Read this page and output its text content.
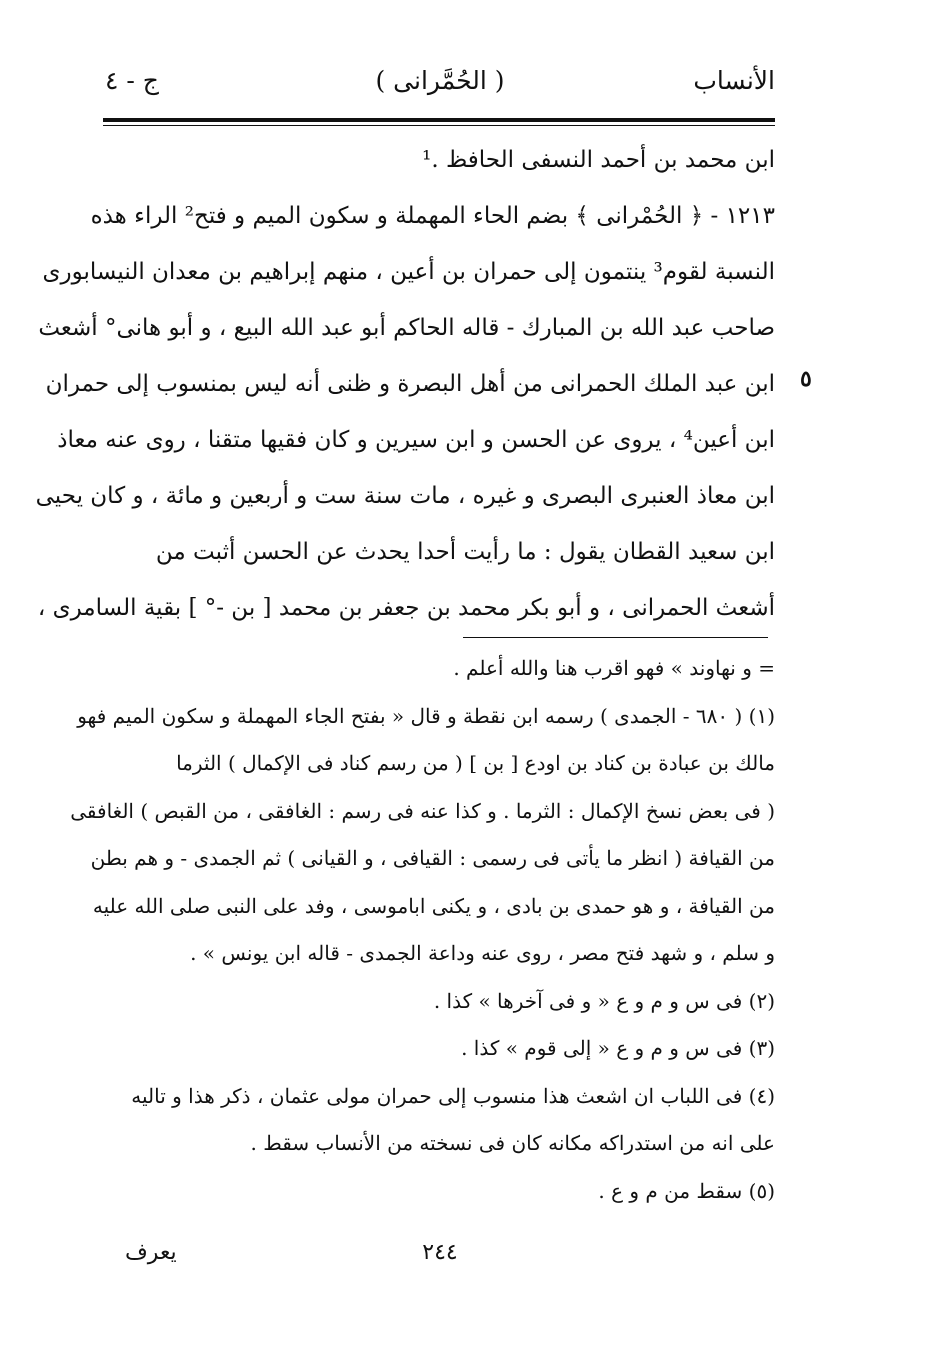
الأنساب
( الحُمَّرانى )
ج - ٤
ابن محمد بن أحمد النسفى الحافظ .¹
١٢١٣ - ﴿ الحُمْرانى ﴾ بضم الحاء المهملة و سكون الميم و فتح² الراء هذه
النسبة لقوم³ ينتمون إلى حمران بن أعين ، منهم إبراهيم بن معدان النيسابورى
صاحب عبد الله بن المبارك - قاله الحاكم أبو عبد الله البيع ، و أبو هانى° أشعث
ابن عبد الملك الحمرانى من أهل البصرة و ظنى أنه ليس بمنسوب إلى حمران
ابن أعين⁴ ، يروى عن الحسن و ابن سيرين و كان فقيها متقنا ، روى عنه معاذ
ابن معاذ العنبرى البصرى و غيره ، مات سنة ست و أربعين و مائة ، و كان يحيى
ابن سعيد القطان يقول : ما رأيت أحدا يحدث عن الحسن أثبت من
أشعث الحمرانى ، و أبو بكر محمد بن جعفر بن محمد [ بن -° ] بقية السامرى ،
٥
= و نهاوند » فهو اقرب هنا والله أعلم .
(١) ( ٦٨٠ - الجمدى ) رسمه ابن نقطة و قال « بفتح الجاء المهملة و سكون الميم فهو
مالك بن عبادة بن كناد بن اودع [ بن ] ( من رسم كناد فى الإكمال ) الثرما
( فى بعض نسخ الإكمال : الثرما . و كذا عنه فى رسم : الغافقى ، من القبص ) الغافقى
من القيافة ( انظر ما يأتى فى رسمى : القيافى ، و القيانى ) ثم الجمدى - و هم بطن
من القيافة ، و هو حمدى بن بادى ، و يكنى اباموسى ، وفد على النبى صلى الله عليه
و سلم ، و شهد فتح مصر ، روى عنه وداعة الجمدى - قاله ابن يونس » .
(٢) فى س و م و ع « و فى آخرها » كذا .
(٣) فى س و م و ع « إلى قوم » كذا .
(٤) فى اللباب ان اشعث هذا منسوب إلى حمران مولى عثمان ، ذكر هذا و تاليه
على انه من استدراكه مكانه كان فى نسخته من الأنساب سقط .
(٥) سقط من م و ع .
٢٤٤
يعرف
